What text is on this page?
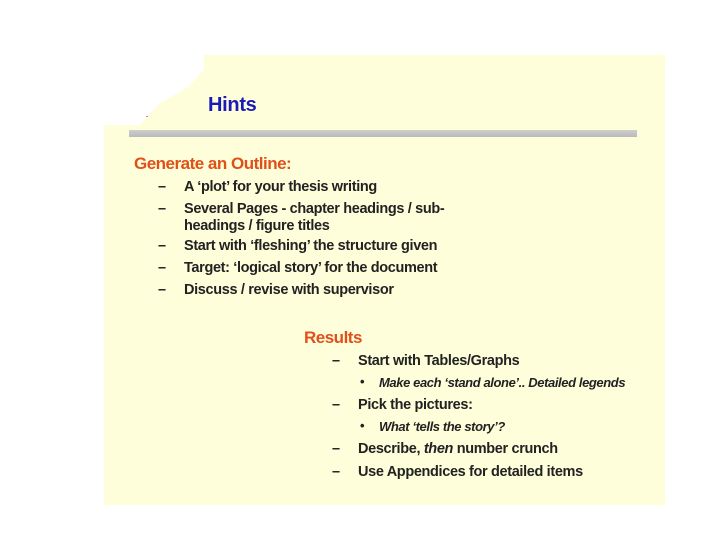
Hints
Generate an Outline:
– A ‘plot’ for your thesis writing
– Several Pages - chapter headings / sub-
headings / figure titles
– Start with ‘fleshing’ the structure given
– Target: ‘logical story’ for the document
– Discuss / revise with supervisor
Results
– Start with Tables/Graphs
• Make each ‘stand alone’.. Detailed legends
– Pick the pictures:
• What ‘tells the story’?
– Describe, then number crunch
– Use Appendices for detailed items
